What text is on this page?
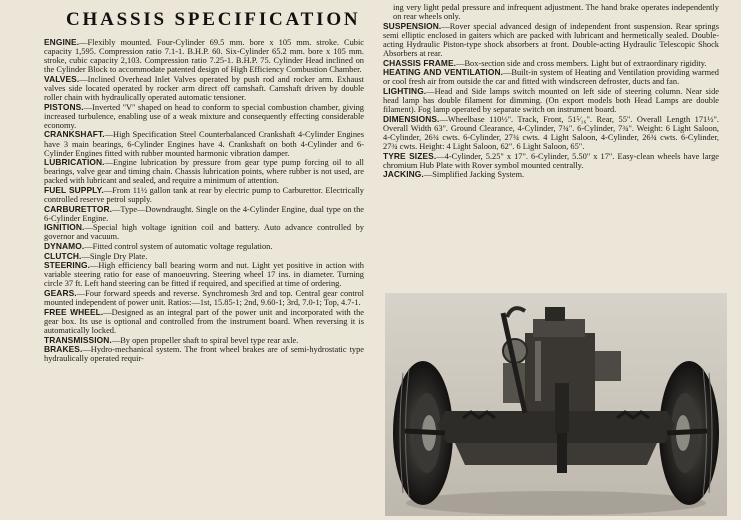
CHASSIS SPECIFICATION
ENGINE.—Flexibly mounted. Four-Cylinder 69.5 mm. bore x 105 mm. stroke. Cubic capacity 1,595. Compression ratio 7.1-1. B.H.P. 60. Six-Cylinder 65.2 mm. bore x 105 mm. stroke, cubic capacity 2,103. Compression ratio 7.25-1. B.H.P. 75. Cylinder Head inclined on the Cylinder Block to accommodate patented design of High Efficiency Combustion Chamber.
VALVES.—Inclined Overhead Inlet Valves operated by push rod and rocker arm. Exhaust valves side located operated by rocker arm direct off camshaft. Camshaft driven by double roller chain with hydraulically operated automatic tensioner.
PISTONS.—Inverted "V" shaped on head to conform to special combustion chamber, giving increased turbulence, enabling use of a weak mixture and consequently effecting considerable economy.
CRANKSHAFT.—High Specification Steel Counterbalanced Crankshaft 4-Cylinder Engines have 3 main bearings, 6-Cylinder Engines have 4. Crankshaft on both 4-Cylinder and 6-Cylinder Engines fitted with rubber mounted harmonic vibration damper.
LUBRICATION.—Engine lubrication by pressure from gear type pump forcing oil to all bearings, valve gear and timing chain. Chassis lubrication points, where rubber is not used, are packed with lubricant and sealed, and require a minimum of attention.
FUEL SUPPLY.—From 11½ gallon tank at rear by electric pump to Carburettor. Electrically controlled reserve petrol supply.
CARBURETTOR.—Type—Downdraught. Single on the 4-Cylinder Engine, dual type on the 6-Cylinder Engine.
IGNITION.—Special high voltage ignition coil and battery. Auto advance controlled by governor and vacuum.
DYNAMO.—Fitted control system of automatic voltage regulation.
CLUTCH.—Single Dry Plate.
STEERING.—High efficiency ball bearing worm and nut. Light yet positive in action with variable steering ratio for ease of manoeuvring. Steering wheel 17 ins. in diameter. Turning circle 37 ft. Left hand steering can be fitted if required, and specified at time of ordering.
GEARS.—Four forward speeds and reverse. Synchromesh 3rd and top. Central gear control mounted independent of power unit. Ratios:—1st, 15.85-1; 2nd, 9.60-1; 3rd, 7.0-1; Top, 4.7-1.
FREE WHEEL.—Designed as an integral part of the power unit and incorporated with the gear box. Its use is optional and controlled from the instrument board. When reversing it is automatically locked.
TRANSMISSION.—By open propeller shaft to spiral bevel type rear axle.
BRAKES.—Hydro-mechanical system. The front wheel brakes are of semi-hydrostatic type hydraulically operated requir-
ing very light pedal pressure and infrequent adjustment. The hand brake operates independently on rear wheels only.
SUSPENSION.—Rover special advanced design of independent front suspension. Rear springs semi elliptic enclosed in gaiters which are packed with lubricant and hermetically sealed. Double-acting Hydraulic Piston-type shock absorbers at front. Double-acting Hydraulic Telescopic Shock Absorbers at rear.
CHASSIS FRAME.—Box-section side and cross members. Light but of extraordinary rigidity.
HEATING AND VENTILATION.—Built-in system of Heating and Ventilation providing warmed or cool fresh air from outside the car and fitted with windscreen defroster, ducts and fan.
LIGHTING.—Head and Side lamps switch mounted on left side of steering column. Near side head lamp has double filament for dimming. (On export models both Head Lamps are double filament). Fog lamp operated by separate switch on instrument board.
DIMENSIONS.—Wheelbase 110½". Track, Front, 51⁵⁄₁₆". Rear, 55". Overall Length 171½". Overall Width 63". Ground Clearance, 4-Cylinder, 7¾". 6-Cylinder, 7¾". Weight: 6 Light Saloon, 4-Cylinder, 26¾ cwts. 6-Cylinder, 27¾ cwts. 4 Light Saloon, 4-Cylinder, 26¾ cwts. 6-Cylinder, 27¾ cwts. Height: 4 Light Saloon, 62". 6 Light Saloon, 65".
TYRE SIZES.—4-Cylinder, 5.25" x 17". 6-Cylinder, 5.50" x 17". Easy-clean wheels have large chromium Hub Plate with Rover symbol mounted centrally.
JACKING.—Simplified Jacking System.
